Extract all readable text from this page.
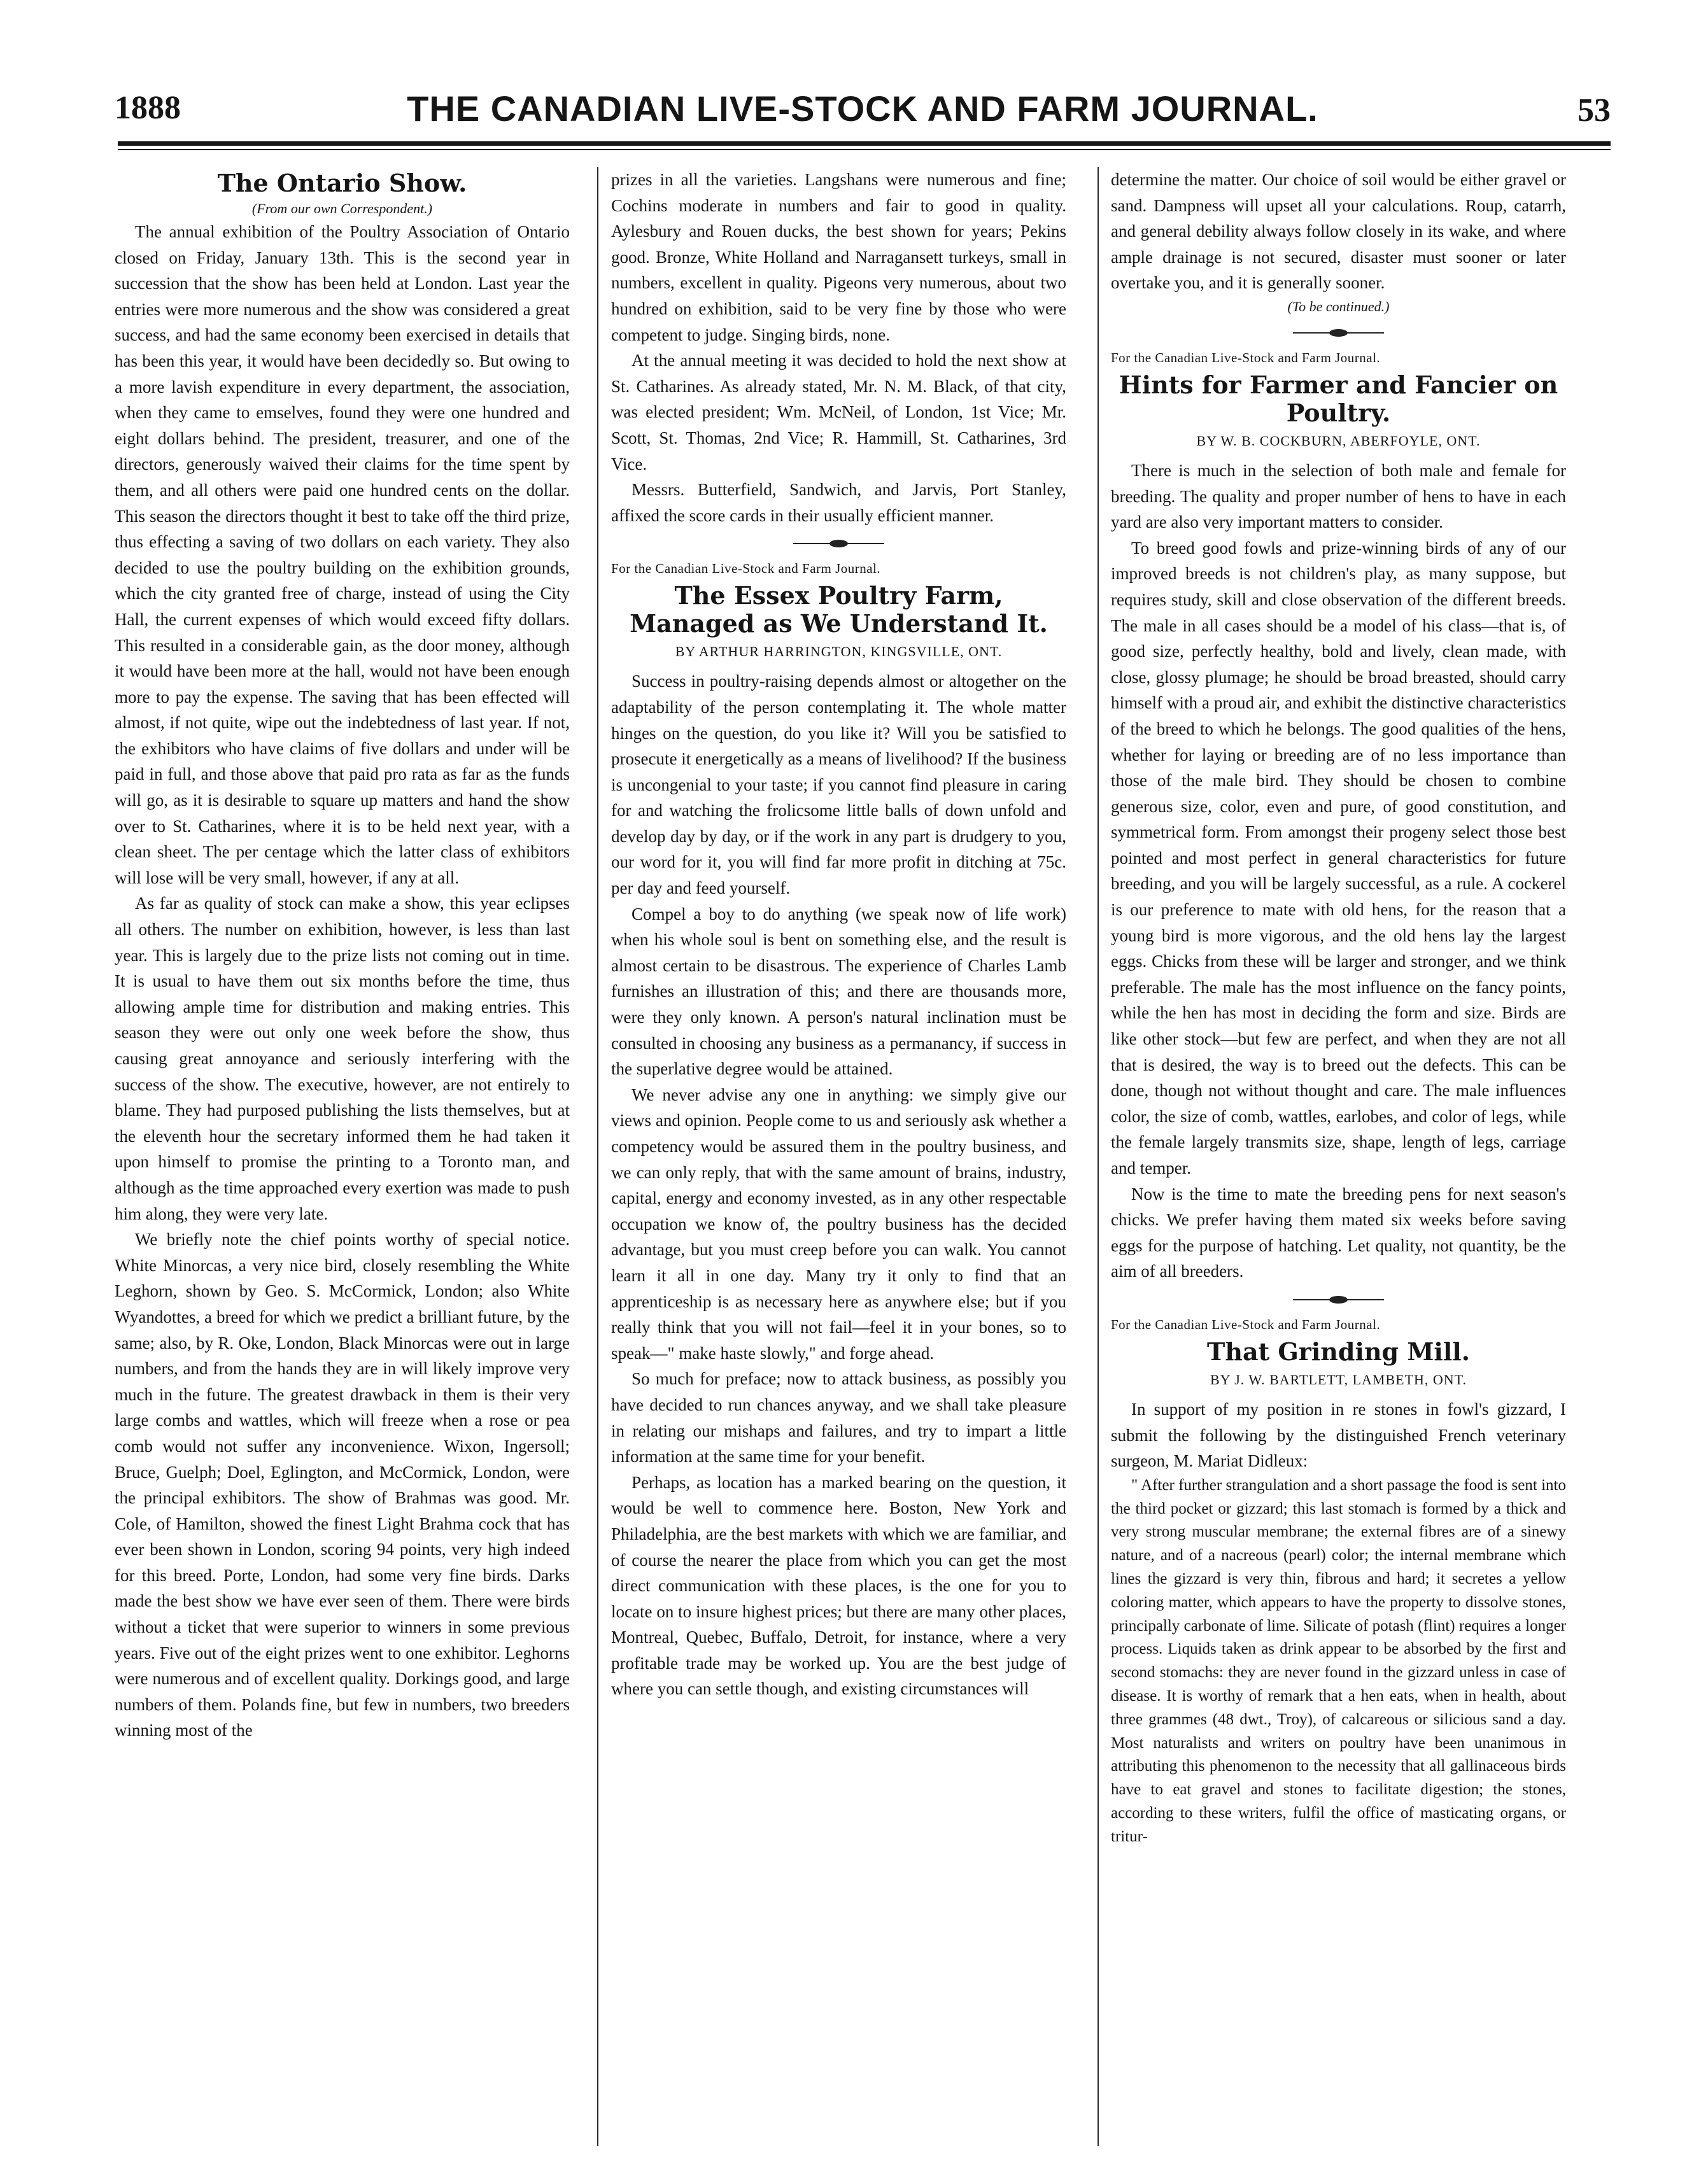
1888	THE CANADIAN LIVE-STOCK AND FARM JOURNAL.	53
The Ontario Show.
(From our own Correspondent.)

The annual exhibition of the Poultry Association of Ontario closed on Friday, January 13th. This is the second year in succession that the show has been held at London. Last year the entries were more numerous and the show was considered a great success, and had the same economy been exercised in details that has been this year, it would have been decidedly so. But owing to a more lavish expenditure in every department, the association, when they came to emselves, found they were one hundred and eight dollars behind. The president, treasurer, and one of the directors, generously waived their claims for the time spent by them, and all others were paid one hundred cents on the dollar. This season the directors thought it best to take off the third prize, thus effecting a saving of two dollars on each variety. They also decided to use the poultry building on the exhibition grounds, which the city granted free of charge, instead of using the City Hall, the current expenses of which would exceed fifty dollars. This resulted in a considerable gain, as the door money, although it would have been more at the hall, would not have been enough more to pay the expense. The saving that has been effected will almost, if not quite, wipe out the indebtedness of last year. If not, the exhibitors who have claims of five dollars and under will be paid in full, and those above that paid pro rata as far as the funds will go, as it is desirable to square up matters and hand the show over to St. Catharines, where it is to be held next year, with a clean sheet. The per centage which the latter class of exhibitors will lose will be very small, however, if any at all.

As far as quality of stock can make a show, this year eclipses all others. The number on exhibition, however, is less than last year. This is largely due to the prize lists not coming out in time. It is usual to have them out six months before the time, thus allowing ample time for distribution and making entries. This season they were out only one week before the show, thus causing great annoyance and seriously interfering with the success of the show. The executive, however, are not entirely to blame. They had purposed publishing the lists themselves, but at the eleventh hour the secretary informed them he had taken it upon himself to promise the printing to a Toronto man, and although as the time approached every exertion was made to push him along, they were very late.

We briefly note the chief points worthy of special notice. White Minorcas, a very nice bird, closely resembling the White Leghorn, shown by Geo. S. McCormick, London; also White Wyandottes, a breed for which we predict a brilliant future, by the same; also, by R. Oke, London, Black Minorcas were out in large numbers, and from the hands they are in will likely improve very much in the future. The greatest drawback in them is their very large combs and wattles, which will freeze when a rose or pea comb would not suffer any inconvenience. Wixon, Ingersoll; Bruce, Guelph; Doel, Eglington, and McCormick, London, were the principal exhibitors. The show of Brahmas was good. Mr. Cole, of Hamilton, showed the finest Light Brahma cock that has ever been shown in London, scoring 94 points, very high indeed for this breed. Porte, London, had some very fine birds. Darks made the best show we have ever seen of them. There were birds without a ticket that were superior to winners in some previous years. Five out of the eight prizes went to one exhibitor. Leghorns were numerous and of excellent quality. Dorkings good, and large numbers of them. Polands fine, but few in numbers, two breeders winning most of the

prizes in all the varieties. Langshans were numerous and fine; Cochins moderate in numbers and fair to good in quality. Aylesbury and Rouen ducks, the best shown for years; Pekins good. Bronze, White Holland and Narragansett turkeys, small in numbers, excellent in quality. Pigeons very numerous, about two hundred on exhibition, said to be very fine by those who were competent to judge. Singing birds, none.

At the annual meeting it was decided to hold the next show at St. Catharines. As already stated, Mr. N. M. Black, of that city, was elected president; Wm. McNeil, of London, 1st Vice; Mr. Scott, St. Thomas, 2nd Vice; R. Hammill, St. Catharines, 3rd Vice.

Messrs. Butterfield, Sandwich, and Jarvis, Port Stanley, affixed the score cards in their usually efficient manner.

For the Canadian Live-Stock and Farm Journal.
The Essex Poultry Farm, Managed as We Understand It.
BY ARTHUR HARRINGTON, KINGSVILLE, ONT.

Success in poultry-raising depends almost or altogether on the adaptability of the person contemplating it. The whole matter hinges on the question, do you like it? Will you be satisfied to prosecute it energetically as a means of livelihood? If the business is uncongenial to your taste; if you cannot find pleasure in caring for and watching the frolicsome little balls of down unfold and develop day by day, or if the work in any part is drudgery to you, our word for it, you will find far more profit in ditching at 75c. per day and feed yourself.

Compel a boy to do anything (we speak now of life work) when his whole soul is bent on something else, and the result is almost certain to be disastrous. The experience of Charles Lamb furnishes an illustration of this; and there are thousands more, were they only known. A person's natural inclination must be consulted in choosing any business as a permanancy, if success in the superlative degree would be attained.

We never advise any one in anything: we simply give our views and opinion. People come to us and seriously ask whether a competency would be assured them in the poultry business, and we can only reply, that with the same amount of brains, industry, capital, energy and economy invested, as in any other respectable occupation we know of, the poultry business has the decided advantage, but you must creep before you can walk. You cannot learn it all in one day. Many try it only to find that an apprenticeship is as necessary here as anywhere else; but if you really think that you will not fail—feel it in your bones, so to speak—" make haste slowly," and forge ahead.

So much for preface; now to attack business, as possibly you have decided to run chances anyway, and we shall take pleasure in relating our mishaps and failures, and try to impart a little information at the same time for your benefit.

Perhaps, as location has a marked bearing on the question, it would be well to commence here. Boston, New York and Philadelphia, are the best markets with which we are familiar, and of course the nearer the place from which you can get the most direct communication with these places, is the one for you to locate on to insure highest prices; but there are many other places, Montreal, Quebec, Buffalo, Detroit, for instance, where a very profitable trade may be worked up. You are the best judge of where you can settle though, and existing circumstances will

determine the matter. Our choice of soil would be either gravel or sand. Dampness will upset all your calculations. Roup, catarrh, and general debility always follow closely in its wake, and where ample drainage is not secured, disaster must sooner or later overtake you, and it is generally sooner.

(To be continued.)
For the Canadian Live-Stock and Farm Journal.
Hints for Farmer and Fancier on Poultry.
BY W. B. COCKBURN, ABERFOYLE, ONT.

There is much in the selection of both male and female for breeding. The quality and proper number of hens to have in each yard are also very important matters to consider.

To breed good fowls and prize-winning birds of any of our improved breeds is not children's play, as many suppose, but requires study, skill and close observation of the different breeds. The male in all cases should be a model of his class—that is, of good size, perfectly healthy, bold and lively, clean made, with close, glossy plumage; he should be broad breasted, should carry himself with a proud air, and exhibit the distinctive characteristics of the breed to which he belongs. The good qualities of the hens, whether for laying or breeding are of no less importance than those of the male bird. They should be chosen to combine generous size, color, even and pure, of good constitution, and symmetrical form. From amongst their progeny select those best pointed and most perfect in general characteristics for future breeding, and you will be largely successful, as a rule. A cockerel is our preference to mate with old hens, for the reason that a young bird is more vigorous, and the old hens lay the largest eggs. Chicks from these will be larger and stronger, and we think preferable. The male has the most influence on the fancy points, while the hen has most in deciding the form and size. Birds are like other stock—but few are perfect, and when they are not all that is desired, the way is to breed out the defects. This can be done, though not without thought and care. The male influences color, the size of comb, wattles, earlobes, and color of legs, while the female largely transmits size, shape, length of legs, carriage and temper.

Now is the time to mate the breeding pens for next season's chicks. We prefer having them mated six weeks before saving eggs for the purpose of hatching. Let quality, not quantity, be the aim of all breeders.

For the Canadian Live-Stock and Farm Journal.
That Grinding Mill.
BY J. W. BARTLETT, LAMBETH, ONT.

In support of my position in re stones in fowl's gizzard, I submit the following by the distinguished French veterinary surgeon, M. Mariat Didleux:

" After further strangulation and a short passage the food is sent into the third pocket or gizzard; this last stomach is formed by a thick and very strong muscular membrane; the external fibres are of a sinewy nature, and of a nacreous (pearl) color; the internal membrane which lines the gizzard is very thin, fibrous and hard; it secretes a yellow coloring matter, which appears to have the property to dissolve stones, principally carbonate of lime. Silicate of potash (flint) requires a longer process. Liquids taken as drink appear to be absorbed by the first and second stomachs: they are never found in the gizzard unless in case of disease. It is worthy of remark that a hen eats, when in health, about three grammes (48 dwt., Troy), of calcareous or silicious sand a day. Most naturalists and writers on poultry have been unanimous in attributing this phenomenon to the necessity that all gallinaceous birds have to eat gravel and stones to facilitate digestion; the stones, according to these writers, fulfil the office of masticating organs, or tritur-
